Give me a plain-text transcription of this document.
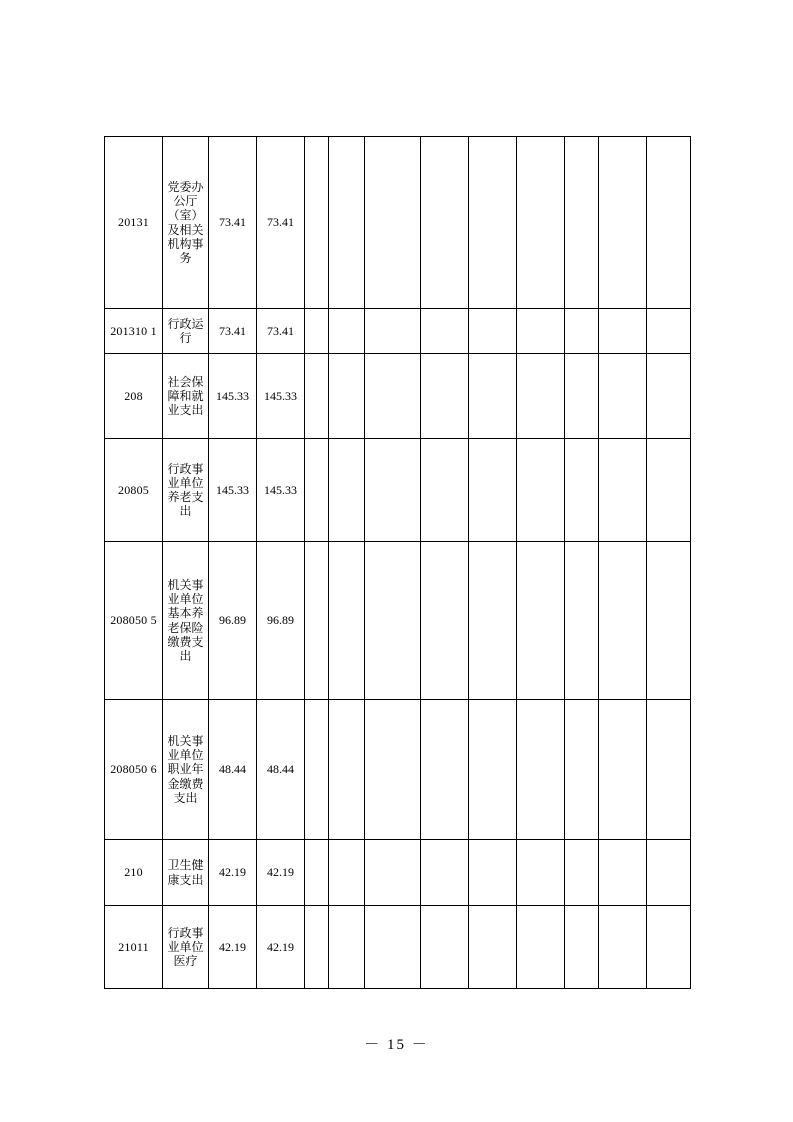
20131	党委办公厅（室）及相关机构事务	73.41	73.41									
201310 1	行政运行	73.41	73.41									
208	社会保障和就业支出	145.33	145.33									
20805	行政事业单位养老支出	145.33	145.33									
208050 5	机关事业单位基本养老保险缴费支出	96.89	96.89									
208050 6	机关事业单位职业年金缴费支出	48.44	48.44									
210	卫生健康支出	42.19	42.19									
21011	行政事业单位医疗	42.19	42.19									
－ 15 －
